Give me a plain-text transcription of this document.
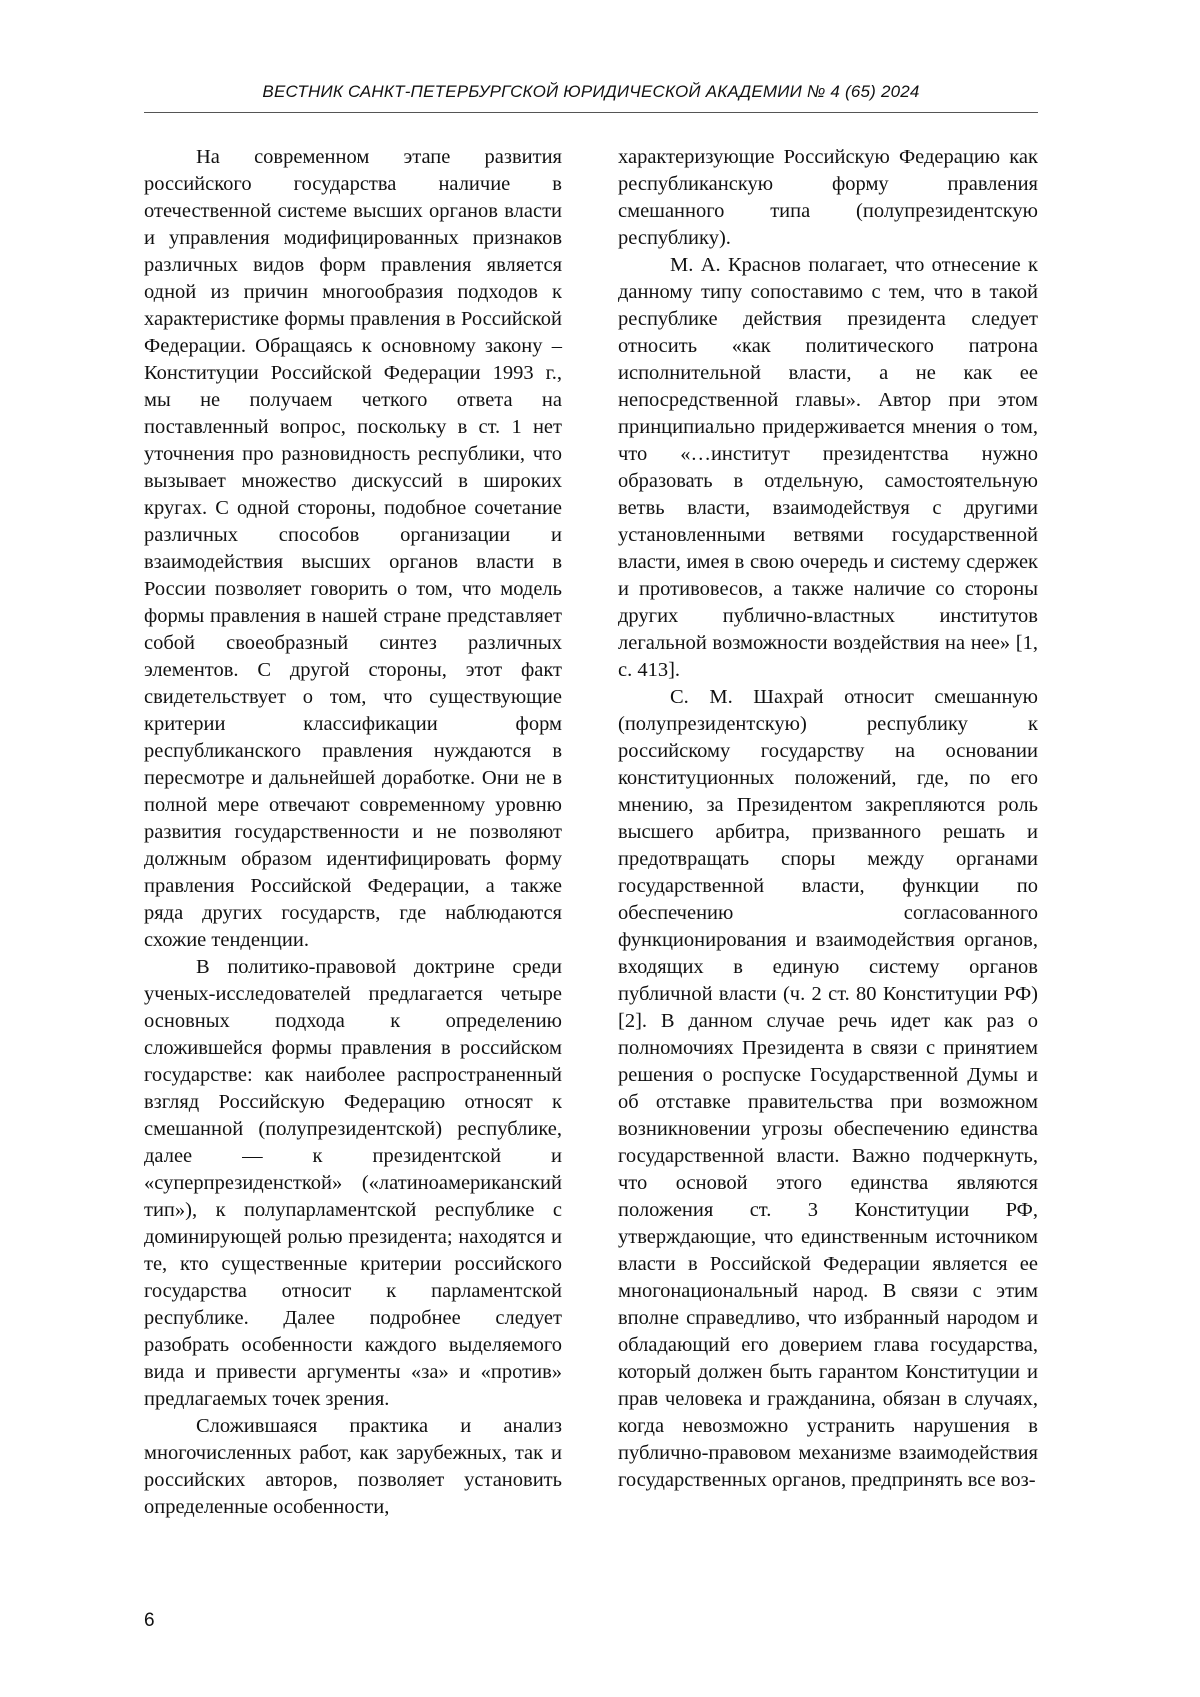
ВЕСТНИК САНКТ-ПЕТЕРБУРГСКОЙ ЮРИДИЧЕСКОЙ АКАДЕМИИ № 4 (65) 2024

На современном этапе развития российского государства наличие в отечественной системе высших органов власти и управления модифицированных признаков различных видов форм правления является одной из причин многообразия подходов к характеристике формы правления в Российской Федерации. Обращаясь к основному закону – Конституции Российской Федерации 1993 г., мы не получаем четкого ответа на поставленный вопрос, поскольку в ст. 1 нет уточнения про разновидность республики, что вызывает множество дискуссий в широких кругах. С одной стороны, подобное сочетание различных способов организации и взаимодействия высших органов власти в России позволяет говорить о том, что модель формы правления в нашей стране представляет собой своеобразный синтез различных элементов. С другой стороны, этот факт свидетельствует о том, что существующие критерии классификации форм республиканского правления нуждаются в пересмотре и дальнейшей доработке. Они не в полной мере отвечают современному уровню развития государственности и не позволяют должным образом идентифицировать форму правления Российской Федерации, а также ряда других государств, где наблюдаются схожие тенденции.

В политико-правовой доктрине среди ученых-исследователей предлагается четыре основных подхода к определению сложившейся формы правления в российском государстве: как наиболее распространенный взгляд Российскую Федерацию относят к смешанной (полупрезидентской) республике, далее — к президентской и «суперпрезиденсткой» («латиноамериканский тип»), к полупарламентской республике с доминирующей ролью президента; находятся и те, кто существенные критерии российского государства относит к парламентской республике. Далее подробнее следует разобрать особенности каждого выделяемого вида и привести аргументы «за» и «против» предлагаемых точек зрения.

Сложившаяся практика и анализ многочисленных работ, как зарубежных, так и российских авторов, позволяет установить определенные особенности,

характеризующие Российскую Федерацию как республиканскую форму правления смешанного типа (полупрезидентскую республику).

М. А. Краснов полагает, что отнесение к данному типу сопоставимо с тем, что в такой республике действия президента следует относить «как политического патрона исполнительной власти, а не как ее непосредственной главы». Автор при этом принципиально придерживается мнения о том, что «…институт президентства нужно образовать в отдельную, самостоятельную ветвь власти, взаимодействуя с другими установленными ветвями государственной власти, имея в свою очередь и систему сдержек и противовесов, а также наличие со стороны других публично-властных институтов легальной возможности воздействия на нее» [1, с. 413].

С. М. Шахрай относит смешанную (полупрезидентскую) республику к российскому государству на основании конституционных положений, где, по его мнению, за Президентом закрепляются роль высшего арбитра, призванного решать и предотвращать споры между органами государственной власти, функции по обеспечению согласованного функционирования и взаимодействия органов, входящих в единую систему органов публичной власти (ч. 2 ст. 80 Конституции РФ) [2]. В данном случае речь идет как раз о полномочиях Президента в связи с принятием решения о роспуске Государственной Думы и об отставке правительства при возможном возникновении угрозы обеспечению единства государственной власти. Важно подчеркнуть, что основой этого единства являются положения ст. 3 Конституции РФ, утверждающие, что единственным источником власти в Российской Федерации является ее многонациональный народ. В связи с этим вполне справедливо, что избранный народом и обладающий его доверием глава государства, который должен быть гарантом Конституции и прав человека и гражданина, обязан в случаях, когда невозможно устранить нарушения в публично-правовом механизме взаимодействия государственных органов, предпринять все воз-

6
